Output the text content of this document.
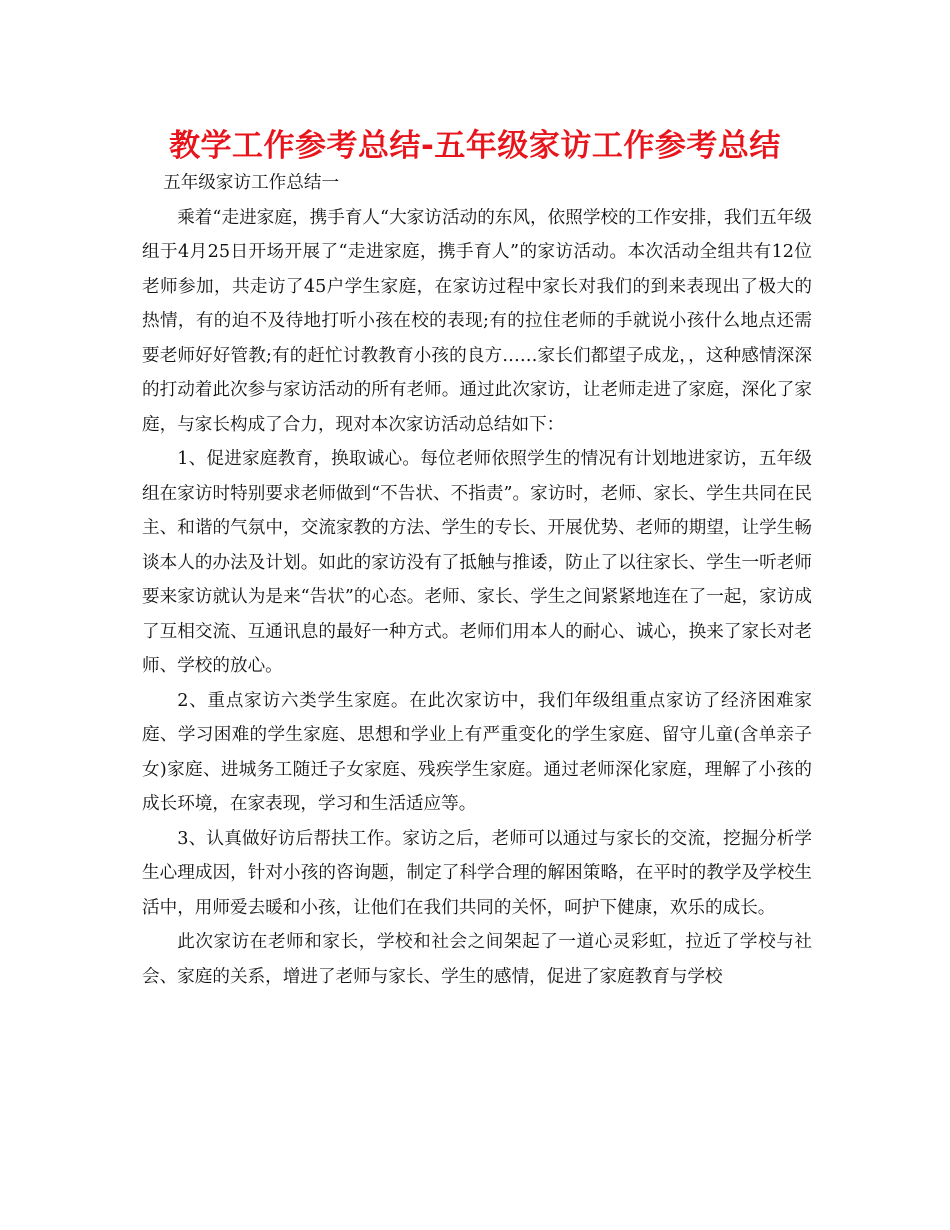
教学工作参考总结-五年级家访工作参考总结

五年级家访工作总结一

乘着“走进家庭，携手育人“大家访活动的东风，依照学校的工作安排，我们五年级组于4月25日开场开展了“走进家庭，携手育人”的家访活动。本次活动全组共有12位老师参加，共走访了45户学生家庭，在家访过程中家长对我们的到来表现出了极大的热情，有的迫不及待地打听小孩在校的表现;有的拉住老师的手就说小孩什么地点还需要老师好好管教;有的赶忙讨教教育小孩的良方……家长们都望子成龙，，这种感情深深的打动着此次参与家访活动的所有老师。通过此次家访，让老师走进了家庭，深化了家庭，与家长构成了合力，现对本次家访活动总结如下：

1、促进家庭教育，换取诚心。每位老师依照学生的情况有计划地进家访，五年级组在家访时特别要求老师做到“不告状、不指责”。家访时，老师、家长、学生共同在民主、和谐的气氛中，交流家教的方法、学生的专长、开展优势、老师的期望，让学生畅谈本人的办法及计划。如此的家访没有了抵触与推诿，防止了以往家长、学生一听老师要来家访就认为是来“告状”的心态。老师、家长、学生之间紧紧地连在了一起，家访成了互相交流、互通讯息的最好一种方式。老师们用本人的耐心、诚心，换来了家长对老师、学校的放心。

2、重点家访六类学生家庭。在此次家访中，我们年级组重点家访了经济困难家庭、学习困难的学生家庭、思想和学业上有严重变化的学生家庭、留守儿童(含单亲子女)家庭、进城务工随迁子女家庭、残疾学生家庭。通过老师深化家庭，理解了小孩的成长环境，在家表现，学习和生活适应等。

3、认真做好访后帮扶工作。家访之后，老师可以通过与家长的交流，挖掘分析学生心理成因，针对小孩的咨询题，制定了科学合理的解困策略，在平时的教学及学校生活中，用师爱去暖和小孩，让他们在我们共同的关怀，呵护下健康，欢乐的成长。

此次家访在老师和家长，学校和社会之间架起了一道心灵彩虹，拉近了学校与社会、家庭的关系，增进了老师与家长、学生的感情，促进了家庭教育与学校
